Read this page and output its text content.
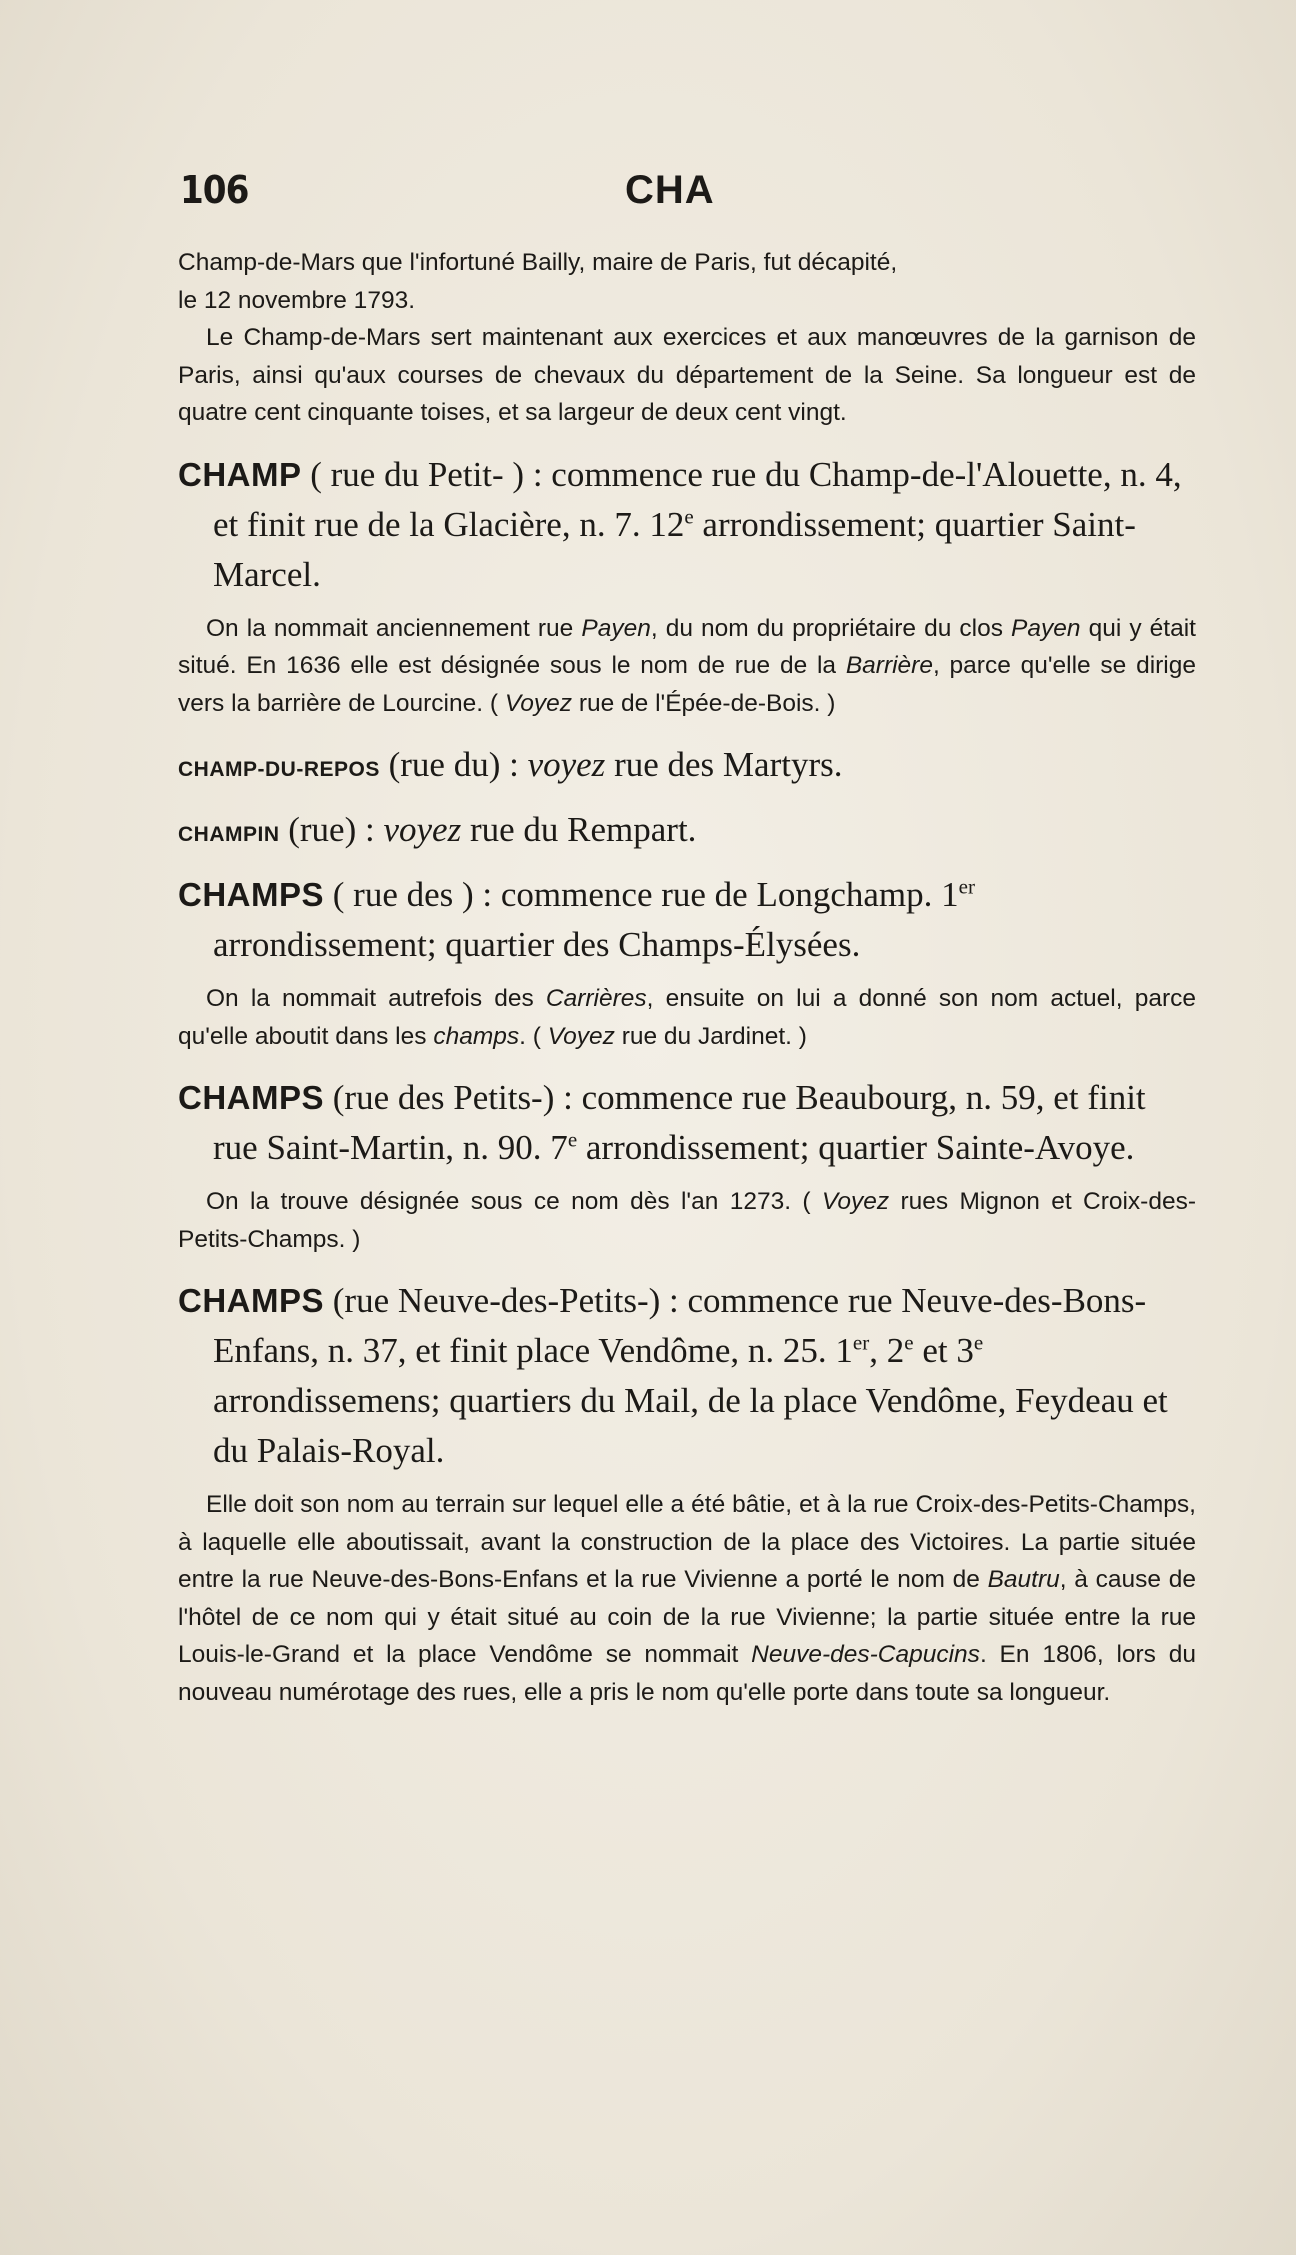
106	CHA

Champ-de-Mars que l'infortuné Bailly, maire de Paris, fut décapité,
le 12 novembre 1793.

Le Champ-de-Mars sert maintenant aux exercices et aux manœuvres de la garnison de Paris, ainsi qu'aux courses de chevaux du département de la Seine. Sa longueur est de quatre cent cinquante toises, et sa largeur de deux cent vingt.

CHAMP ( rue du Petit- ) : commence rue du Champ-de-l'Alouette, n. 4, et finit rue de la Glacière, n. 7. 12e arrondissement; quartier Saint-Marcel.

On la nommait anciennement rue Payen, du nom du propriétaire du clos Payen qui y était situé. En 1636 elle est désignée sous le nom de rue de la Barrière, parce qu'elle se dirige vers la barrière de Lourcine. ( Voyez rue de l'Épée-de-Bois. )

CHAMP-DU-REPOS (rue du) : voyez rue des Martyrs.

CHAMPIN (rue) : voyez rue du Rempart.

CHAMPS ( rue des ) : commence rue de Longchamp. 1er arrondissement; quartier des Champs-Élysées.

On la nommait autrefois des Carrières, ensuite on lui a donné son nom actuel, parce qu'elle aboutit dans les champs. ( Voyez rue du Jardinet. )

CHAMPS (rue des Petits-) : commence rue Beaubourg, n. 59, et finit rue Saint-Martin, n. 90. 7e arrondissement; quartier Sainte-Avoye.

On la trouve désignée sous ce nom dès l'an 1273. ( Voyez rues Mignon et Croix-des-Petits-Champs. )

CHAMPS (rue Neuve-des-Petits-) : commence rue Neuve-des-Bons-Enfans, n. 37, et finit place Vendôme, n. 25. 1er, 2e et 3e arrondissemens; quartiers du Mail, de la place Vendôme, Feydeau et du Palais-Royal.

Elle doit son nom au terrain sur lequel elle a été bâtie, et à la rue Croix-des-Petits-Champs, à laquelle elle aboutissait, avant la construction de la place des Victoires. La partie située entre la rue Neuve-des-Bons-Enfans et la rue Vivienne a porté le nom de Bautru, à cause de l'hôtel de ce nom qui y était situé au coin de la rue Vivienne; la partie située entre la rue Louis-le-Grand et la place Vendôme se nommait Neuve-des-Capucins. En 1806, lors du nouveau numérotage des rues, elle a pris le nom qu'elle porte dans toute sa longueur.
